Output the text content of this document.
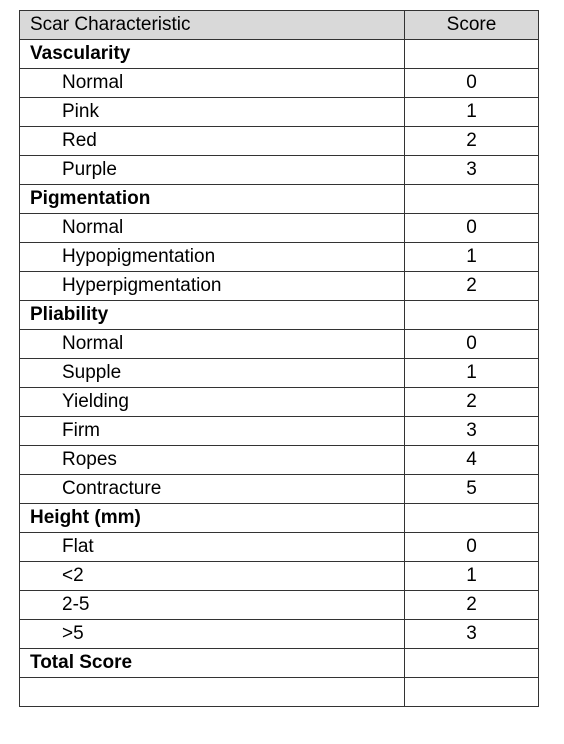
Scar Characteristic	Score
Vascularity	
Normal	0
Pink	1
Red	2
Purple	3
Pigmentation	
Normal	0
Hypopigmentation	1
Hyperpigmentation	2
Pliability	
Normal	0
Supple	1
Yielding	2
Firm	3
Ropes	4
Contracture	5
Height (mm)	
Flat	0
<2	1
2-5	2
>5	3
Total Score	
